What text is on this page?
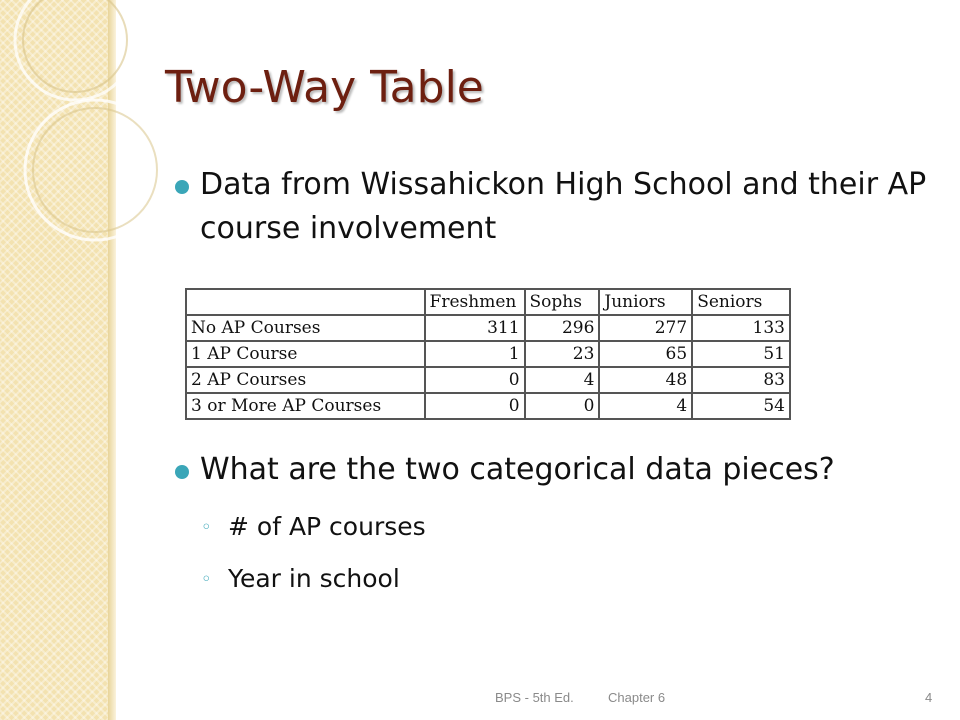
Two-Way Table

Data from Wissahickon High School and their AP course involvement

	Freshmen	Sophs	Juniors	Seniors
No AP Courses	311	296	277	133
1 AP Course	1	23	65	51
2 AP Courses	0	4	48	83
3 or More AP Courses	0	0	4	54

What are the two categorical data pieces?

◦ # of AP courses
◦ Year in school
BPS - 5th Ed.	Chapter 6	4
